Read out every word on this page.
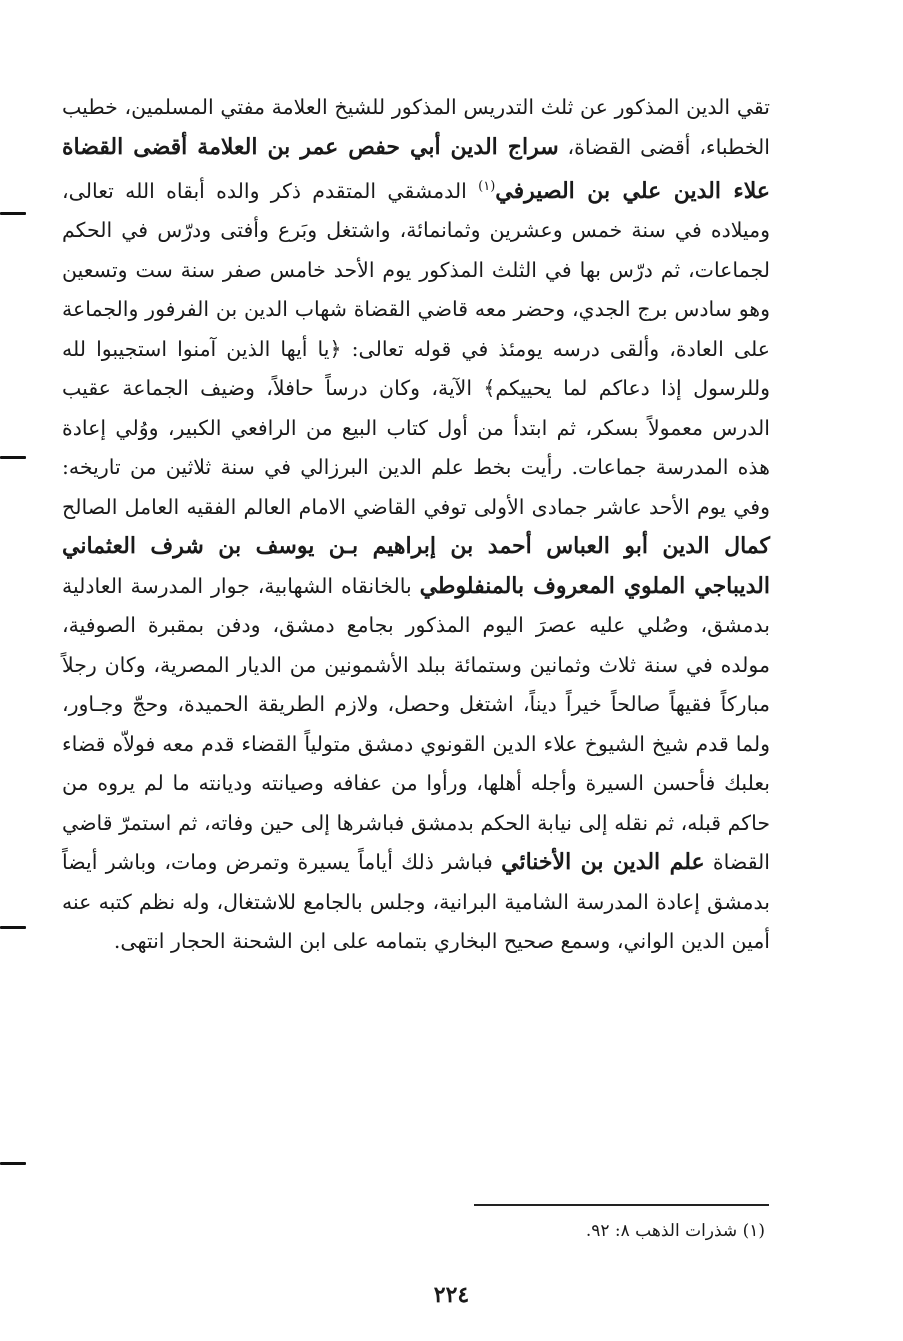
تقي الدين المذكور عن ثلث التدريس المذكور للشيخ العلامة مفتي المسلمين، خطيب الخطباء، أقضى القضاة، سراج الدين أبي حفص عمر بن العلامة أقضى القضاة علاء الدين علي بن الصيرفي$^{(١)}$ الدمشقي المتقدم ذكر والده أبقاه الله تعالى، وميلاده في سنة خمس وعشرين وثمانمائة، واشتغل وبَرع وأفتى ودرّس في الحكم لجماعات، ثم درّس بها في الثلث المذكور يوم الأحد خامس صفر سنة ست وتسعين وهو سادس برج الجدي، وحضر معه قاضي القضاة شهاب الدين بن الفرفور والجماعة على العادة، وألقى درسه يومئذ في قوله تعالى: ﴿يا أيها الذين آمنوا استجيبوا لله وللرسول إذا دعاكم لما يحييكم﴾ الآية، وكان درساً حافلاً، وضيف الجماعة عقيب الدرس معمولاً بسكر، ثم ابتدأ من أول كتاب البيع من الرافعي الكبير، ووُلي إعادة هذه المدرسة جماعات. رأيت بخط علم الدين البرزالي في سنة ثلاثين من تاريخه: وفي يوم الأحد عاشر جمادى الأولى توفي القاضي الامام العالم الفقيه العامل الصالح كمال الدين أبو العباس أحمد بن إبراهيم بـن يوسف بن شرف العثماني الديباجي الملوي المعروف بالمنفلوطي بالخانقاه الشهابية، جوار المدرسة العادلية بدمشق، وصُلي عليه عصرَ اليوم المذكور بجامع دمشق، ودفن بمقبرة الصوفية، مولده في سنة ثلاث وثمانين وستمائة ببلد الأشمونين من الديار المصرية، وكان رجلاً مباركاً فقيهاً صالحاً خيراً ديناً، اشتغل وحصل، ولازم الطريقة الحميدة، وحجّ وجـاور، ولما قدم شيخ الشيوخ علاء الدين القونوي دمشق متولياً القضاء قدم معه فولاّه قضاء بعلبك فأحسن السيرة وأجله أهلها، ورأوا من عفافه وصيانته وديانته ما لم يروه من حاكم قبله، ثم نقله إلى نيابة الحكم بدمشق فباشرها إلى حين وفاته، ثم استمرّ قاضي القضاة علم الدين بن الأخنائي فباشر ذلك أياماً يسيرة وتمرض ومات، وباشر أيضاً بدمشق إعادة المدرسة الشامية البرانية، وجلس بالجامع للاشتغال، وله نظم كتبه عنه أمين الدين الواني، وسمع صحيح البخاري بتمامه على ابن الشحنة الحجار انتهى.

(١) شذرات الذهب ٨: ٩٢.
٢٢٤
